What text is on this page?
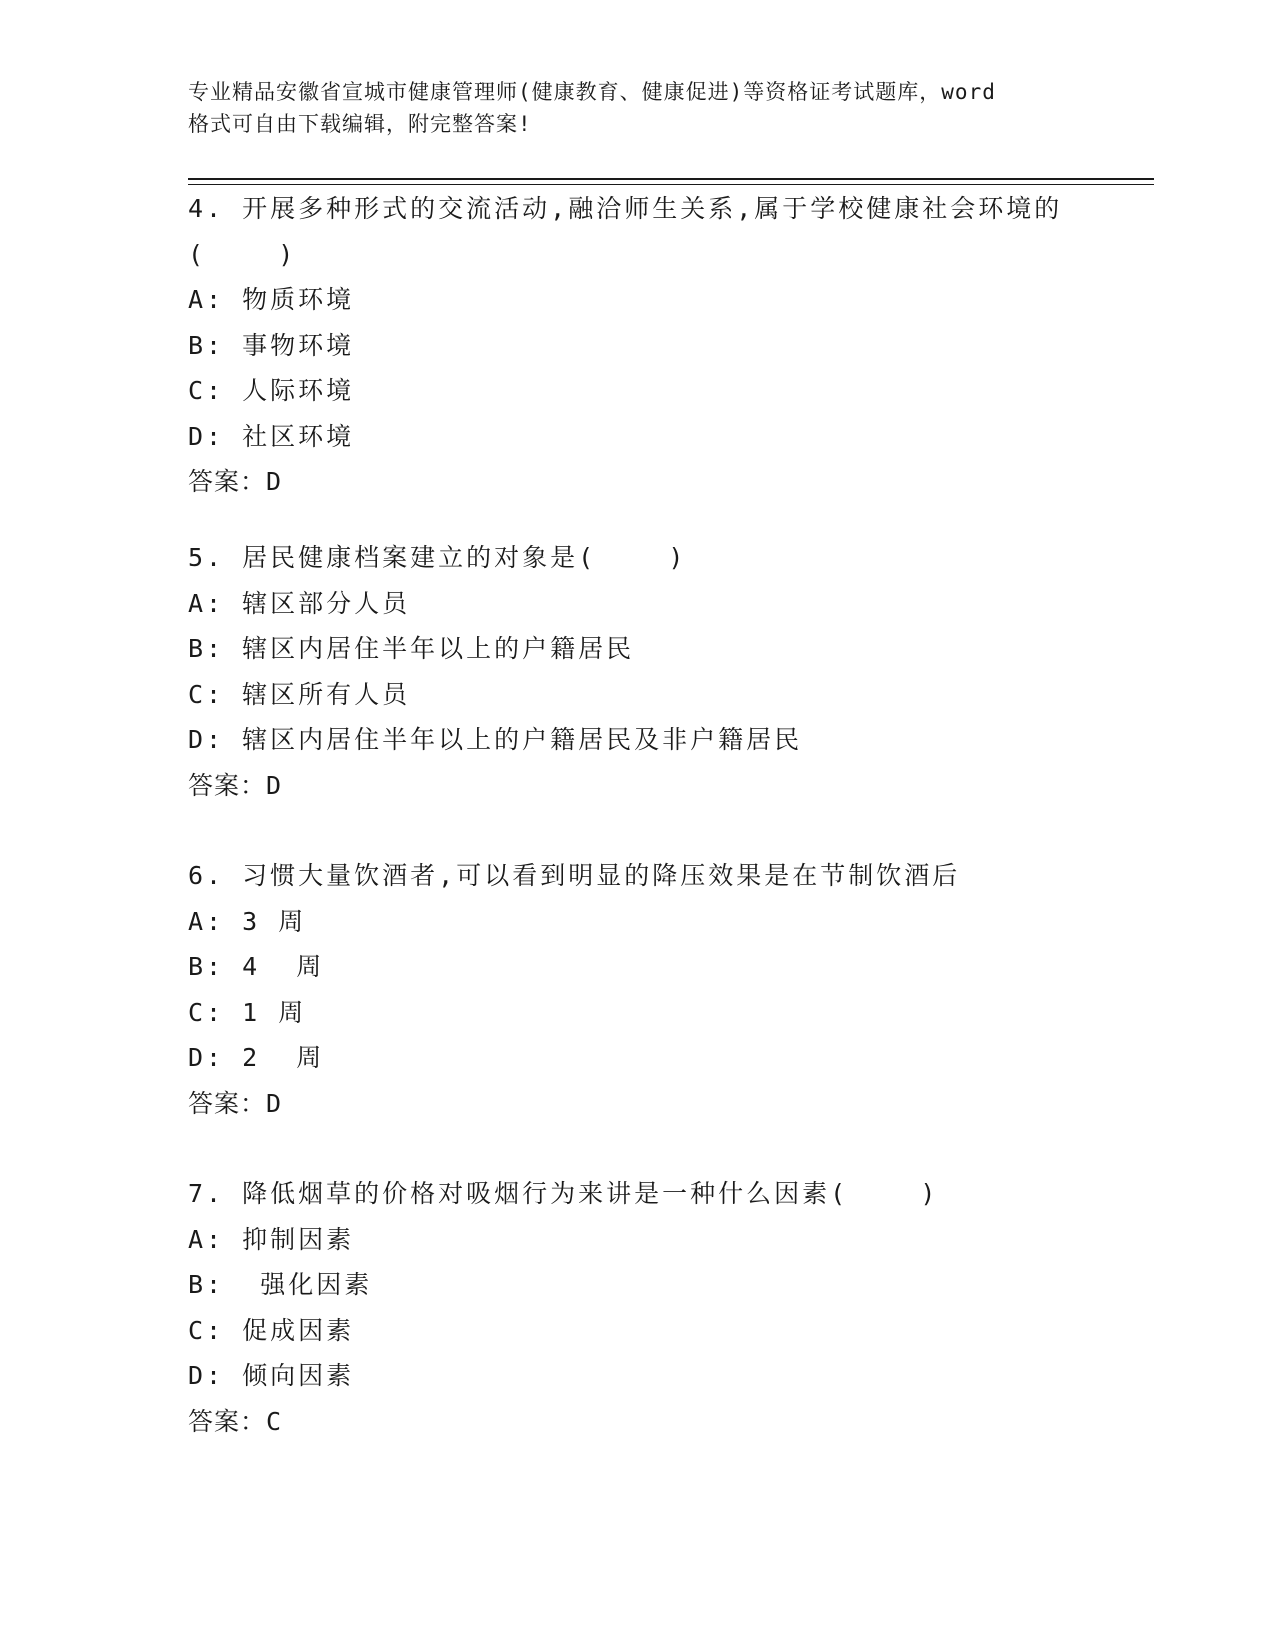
专业精品安徽省宣城市健康管理师(健康教育、健康促进)等资格证考试题库，word
格式可自由下载编辑，附完整答案!
4. 开展多种形式的交流活动,融洽师生关系,属于学校健康社会环境的
(    )
A: 物质环境
B: 事物环境
C: 人际环境
D: 社区环境
答案：D
5. 居民健康档案建立的对象是(    )
A: 辖区部分人员
B: 辖区内居住半年以上的户籍居民
C: 辖区所有人员
D: 辖区内居住半年以上的户籍居民及非户籍居民
答案：D
6. 习惯大量饮酒者,可以看到明显的降压效果是在节制饮酒后
A: 3 周
B: 4  周
C: 1 周
D: 2  周
答案：D
7. 降低烟草的价格对吸烟行为来讲是一种什么因素(    )
A: 抑制因素
B:  强化因素
C: 促成因素
D: 倾向因素
答案：C
